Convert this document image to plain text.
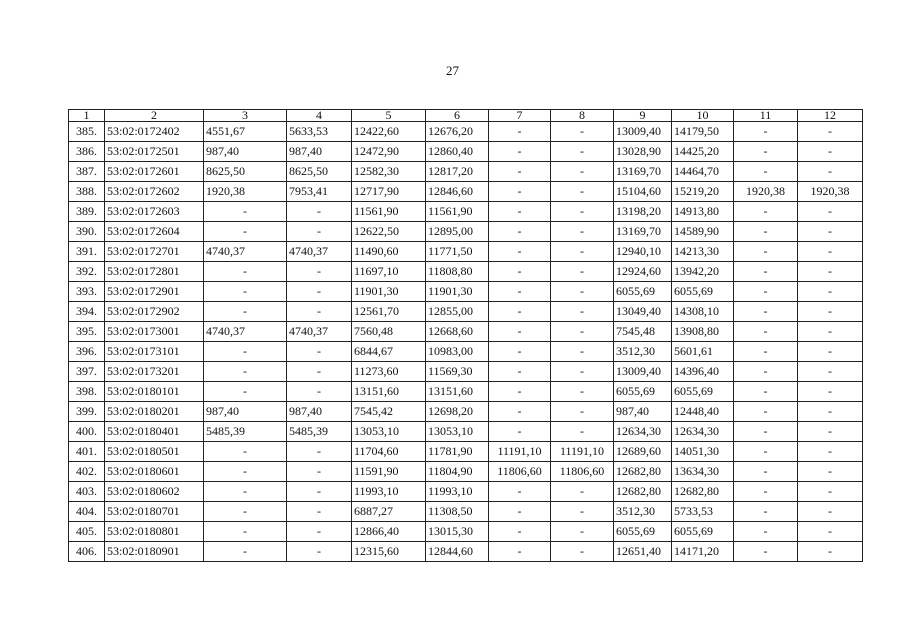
27
1	2	3	4	5	6	7	8	9	10	11	12
385.	53:02:0172402	4551,67	5633,53	12422,60	12676,20	-	-	13009,40	14179,50	-	-
386.	53:02:0172501	987,40	987,40	12472,90	12860,40	-	-	13028,90	14425,20	-	-
387.	53:02:0172601	8625,50	8625,50	12582,30	12817,20	-	-	13169,70	14464,70	-	-
388.	53:02:0172602	1920,38	7953,41	12717,90	12846,60	-	-	15104,60	15219,20	1920,38	1920,38
389.	53:02:0172603	-	-	11561,90	11561,90	-	-	13198,20	14913,80	-	-
390.	53:02:0172604	-	-	12622,50	12895,00	-	-	13169,70	14589,90	-	-
391.	53:02:0172701	4740,37	4740,37	11490,60	11771,50	-	-	12940,10	14213,30	-	-
392.	53:02:0172801	-	-	11697,10	11808,80	-	-	12924,60	13942,20	-	-
393.	53:02:0172901	-	-	11901,30	11901,30	-	-	6055,69	6055,69	-	-
394.	53:02:0172902	-	-	12561,70	12855,00	-	-	13049,40	14308,10	-	-
395.	53:02:0173001	4740,37	4740,37	7560,48	12668,60	-	-	7545,48	13908,80	-	-
396.	53:02:0173101	-	-	6844,67	10983,00	-	-	3512,30	5601,61	-	-
397.	53:02:0173201	-	-	11273,60	11569,30	-	-	13009,40	14396,40	-	-
398.	53:02:0180101	-	-	13151,60	13151,60	-	-	6055,69	6055,69	-	-
399.	53:02:0180201	987,40	987,40	7545,42	12698,20	-	-	987,40	12448,40	-	-
400.	53:02:0180401	5485,39	5485,39	13053,10	13053,10	-	-	12634,30	12634,30	-	-
401.	53:02:0180501	-	-	11704,60	11781,90	11191,10	11191,10	12689,60	14051,30	-	-
402.	53:02:0180601	-	-	11591,90	11804,90	11806,60	11806,60	12682,80	13634,30	-	-
403.	53:02:0180602	-	-	11993,10	11993,10	-	-	12682,80	12682,80	-	-
404.	53:02:0180701	-	-	6887,27	11308,50	-	-	3512,30	5733,53	-	-
405.	53:02:0180801	-	-	12866,40	13015,30	-	-	6055,69	6055,69	-	-
406.	53:02:0180901	-	-	12315,60	12844,60	-	-	12651,40	14171,20	-	-
